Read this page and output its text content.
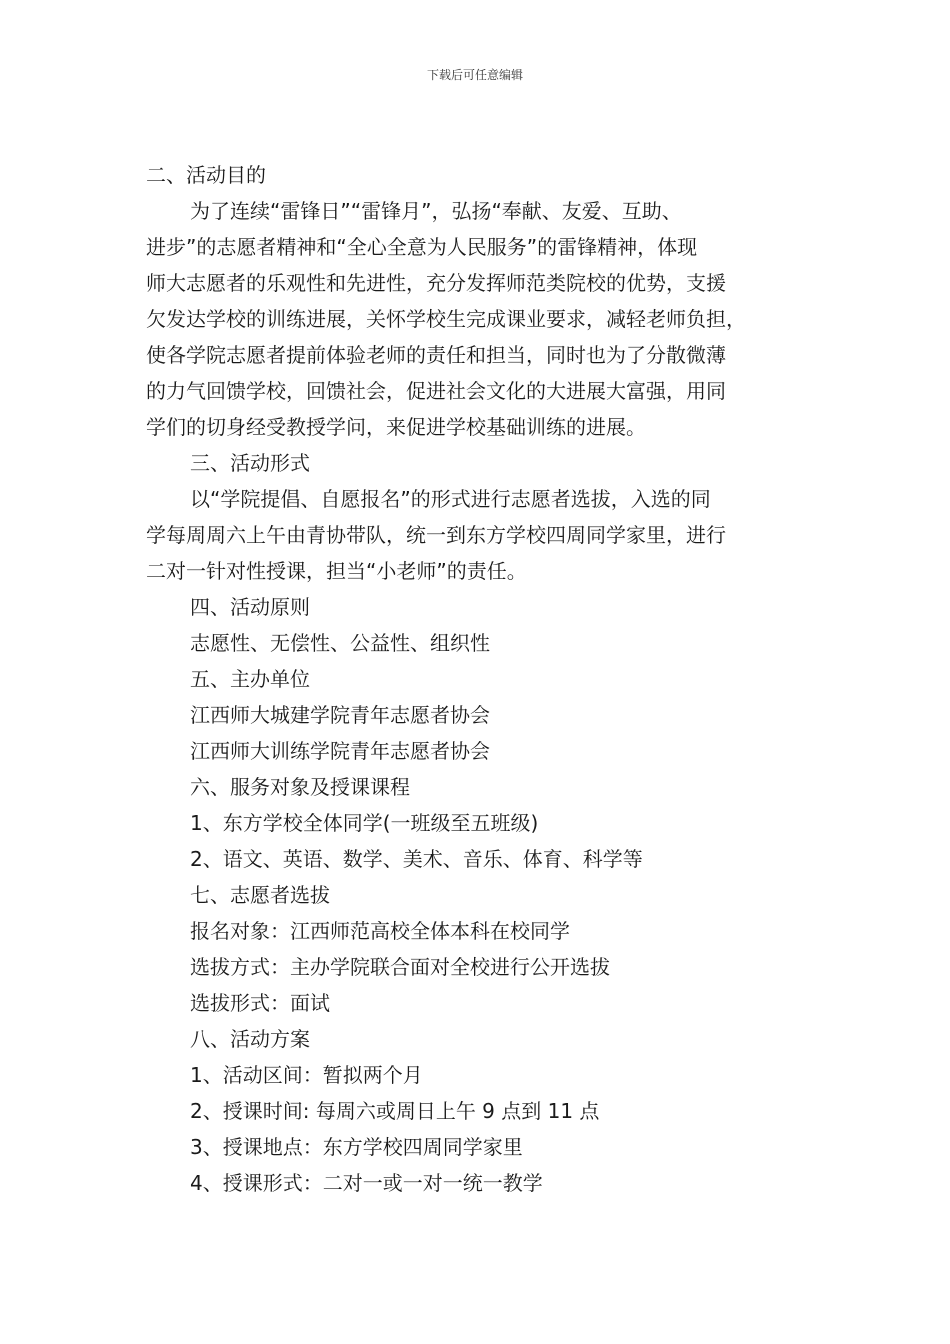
下载后可任意编辑
二、活动目的
为了连续“雷锋日”“雷锋月”，弘扬“奉献、友爱、互助、
进步”的志愿者精神和“全心全意为人民服务”的雷锋精神，体现
师大志愿者的乐观性和先进性，充分发挥师范类院校的优势，支援
欠发达学校的训练进展，关怀学校生完成课业要求，减轻老师负担，
使各学院志愿者提前体验老师的责任和担当，同时也为了分散微薄
的力气回馈学校，回馈社会，促进社会文化的大进展大富强，用同
学们的切身经受教授学问，来促进学校基础训练的进展。
三、活动形式
以“学院提倡、自愿报名”的形式进行志愿者选拔，入选的同
学每周周六上午由青协带队，统一到东方学校四周同学家里，进行
二对一针对性授课，担当“小老师”的责任。
四、活动原则
志愿性、无偿性、公益性、组织性
五、主办单位
江西师大城建学院青年志愿者协会
江西师大训练学院青年志愿者协会
六、服务对象及授课课程
1、东方学校全体同学(一班级至五班级)
2、语文、英语、数学、美术、音乐、体育、科学等
七、志愿者选拔
报名对象：江西师范高校全体本科在校同学
选拔方式：主办学院联合面对全校进行公开选拔
选拔形式：面试
八、活动方案
1、活动区间：暂拟两个月
2、授课时间: 每周六或周日上午 9 点到 11 点
3、授课地点：东方学校四周同学家里
4、授课形式：二对一或一对一统一教学
